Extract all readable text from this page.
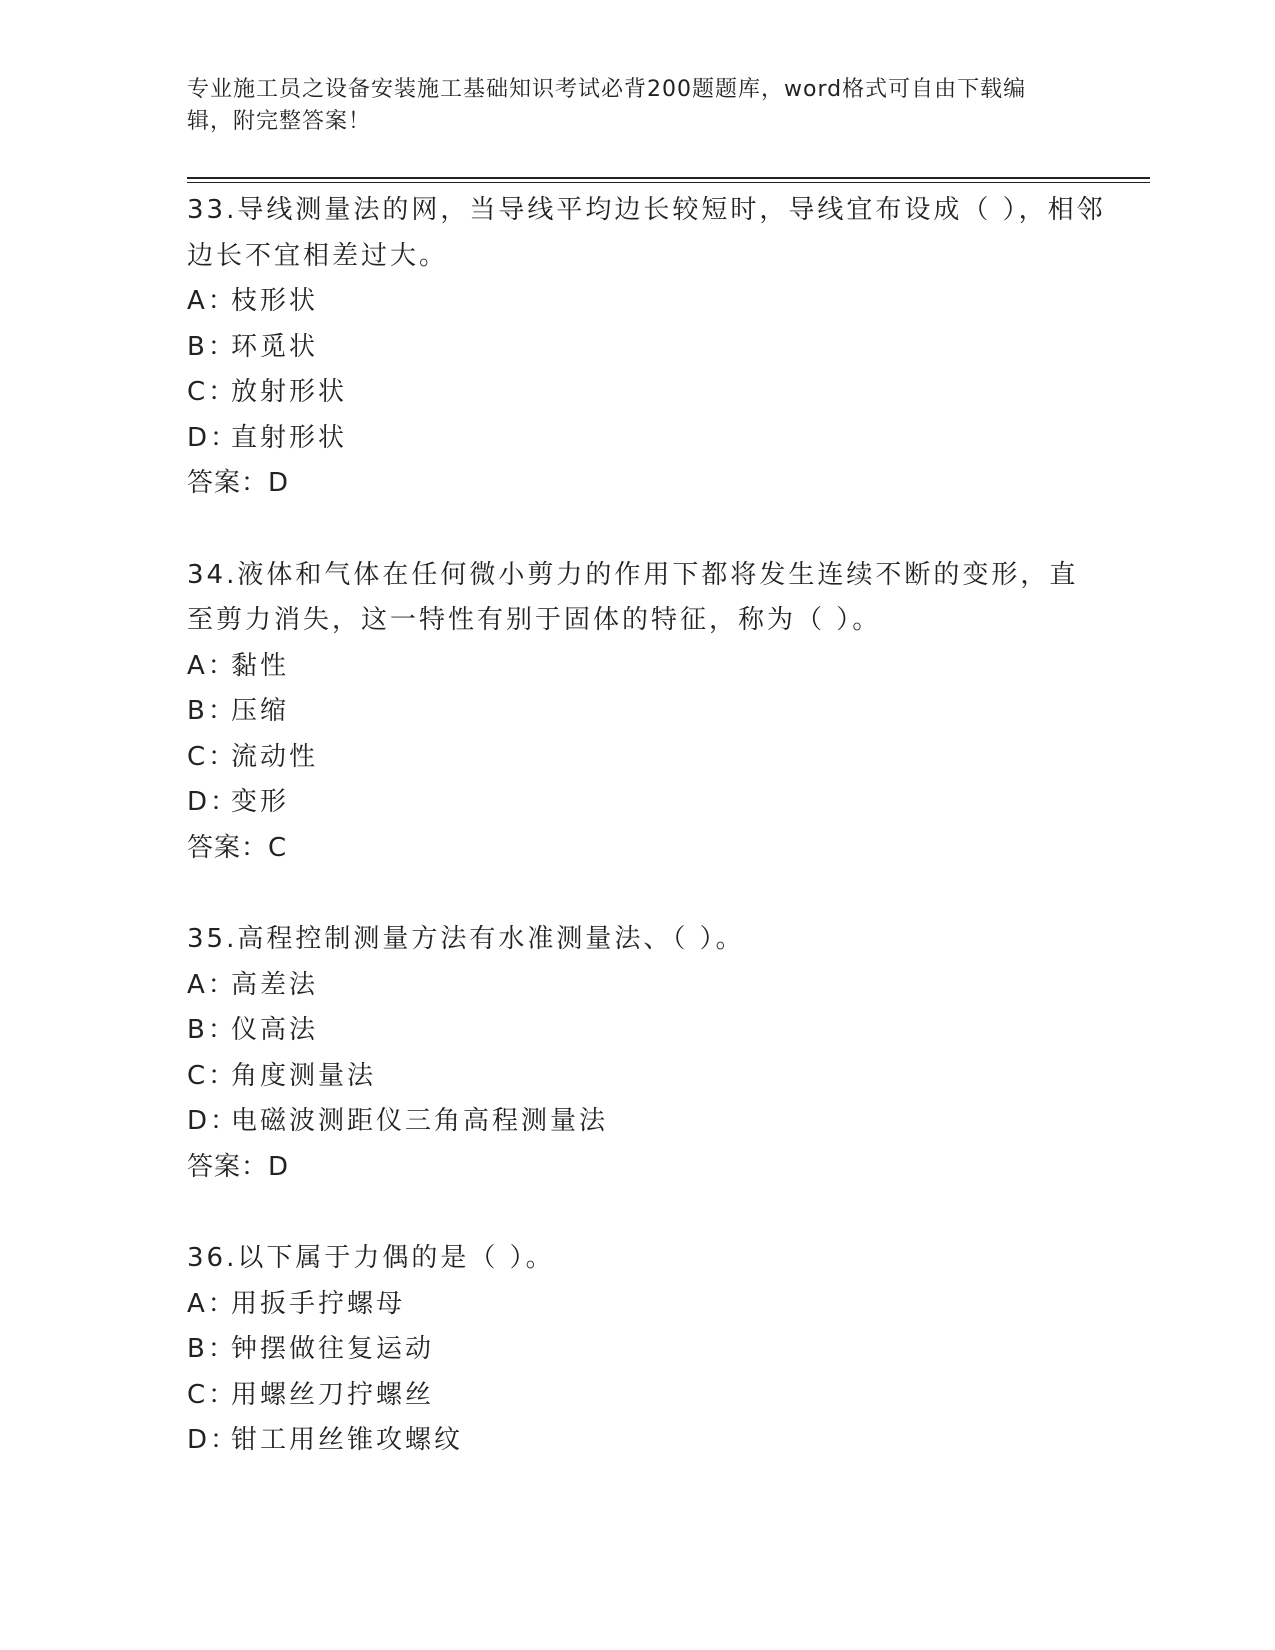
专业施工员之设备安装施工基础知识考试必背200题题库，word格式可自由下载编辑，附完整答案！
33.导线测量法的网，当导线平均边长较短时，导线宜布设成（ ），相邻边长不宜相差过大。
A：枝形状
B：环觅状
C：放射形状
D：直射形状
答案：D
34.液体和气体在任何微小剪力的作用下都将发生连续不断的变形，直至剪力消失，这一特性有别于固体的特征，称为（ ）。
A：黏性
B：压缩
C：流动性
D：变形
答案：C
35.高程控制测量方法有水准测量法、（ ）。
A：高差法
B：仪高法
C：角度测量法
D：电磁波测距仪三角高程测量法
答案：D
36.以下属于力偶的是（ ）。
A：用扳手拧螺母
B：钟摆做往复运动
C：用螺丝刀拧螺丝
D：钳工用丝锥攻螺纹
